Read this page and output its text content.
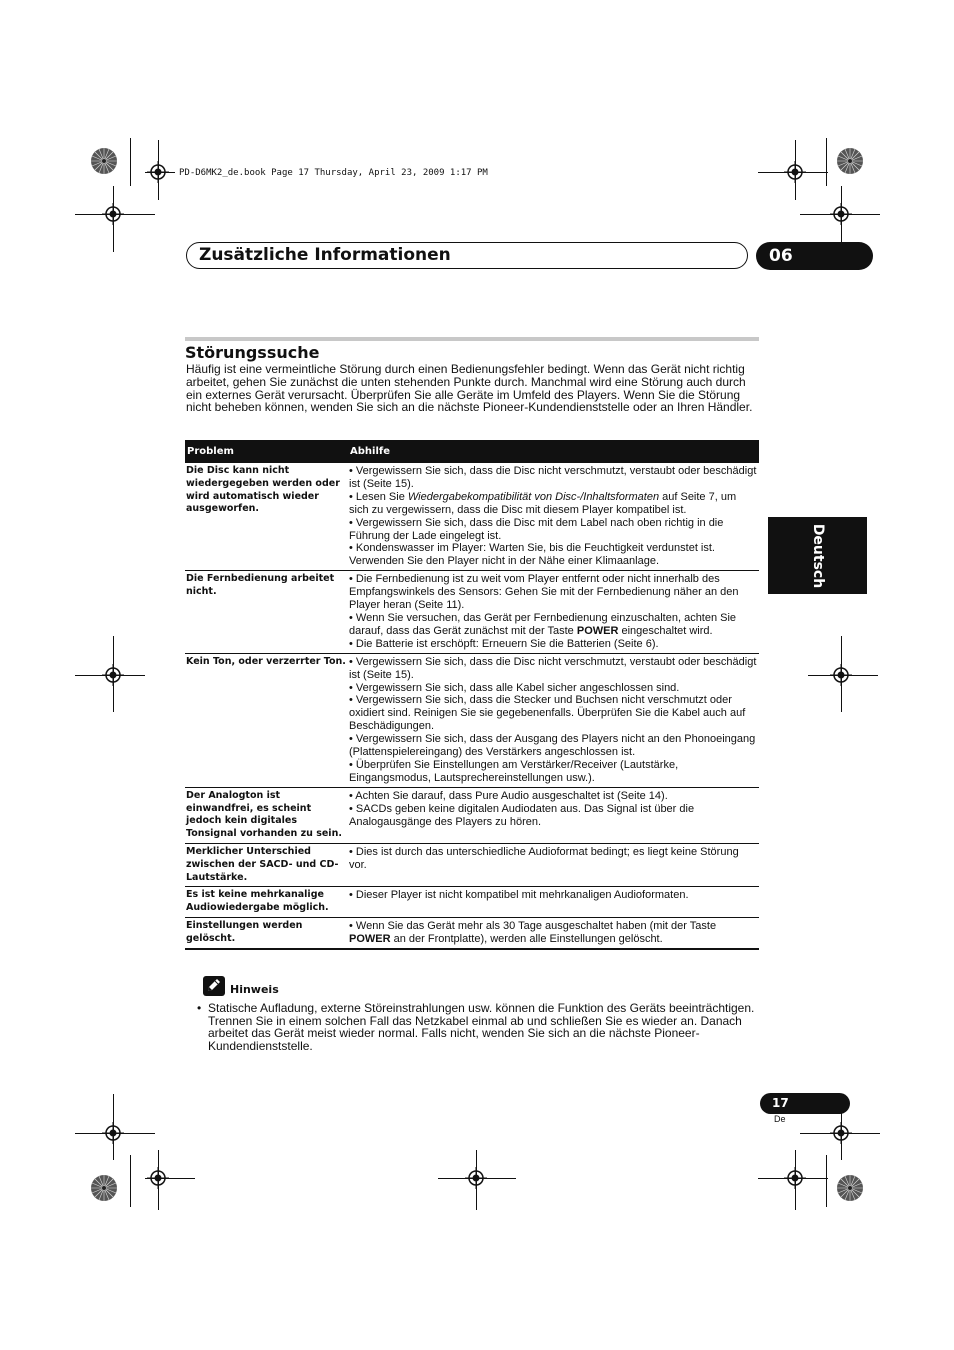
PD-D6MK2_de.book Page 17 Thursday, April 23, 2009 1:17 PM
Zusätzliche Informationen	06
Deutsch
Störungssuche

Häufig ist eine vermeintliche Störung durch einen Bedienungsfehler bedingt. Wenn das Gerät nicht richtig arbeitet, gehen Sie zunächst die unten stehenden Punkte durch. Manchmal wird eine Störung auch durch ein externes Gerät verursacht. Überprüfen Sie alle Geräte im Umfeld des Players. Wenn Sie die Störung nicht beheben können, wenden Sie sich an die nächste Pioneer-Kundendienststelle oder an Ihren Händler.

Problem	Abhilfe
Die Disc kann nicht wiedergegeben werden oder wird automatisch wieder ausgeworfen.	• Vergewissern Sie sich, dass die Disc nicht verschmutzt, verstaubt oder beschädigt ist (Seite 15).
• Lesen Sie Wiedergabekompatibilität von Disc-/Inhaltsformaten auf Seite 7, um sich zu vergewissern, dass die Disc mit diesem Player kompatibel ist.
• Vergewissern Sie sich, dass die Disc mit dem Label nach oben richtig in die Führung der Lade eingelegt ist.
• Kondenswasser im Player: Warten Sie, bis die Feuchtigkeit verdunstet ist. Verwenden Sie den Player nicht in der Nähe einer Klimaanlage.

Die Fernbedienung arbeitet nicht.	• Die Fernbedienung ist zu weit vom Player entfernt oder nicht innerhalb des Empfangswinkels des Sensors: Gehen Sie mit der Fernbedienung näher an den Player heran (Seite 11).
• Wenn Sie versuchen, das Gerät per Fernbedienung einzuschalten, achten Sie darauf, dass das Gerät zunächst mit der Taste POWER eingeschaltet wird.
• Die Batterie ist erschöpft: Erneuern Sie die Batterien (Seite 6).

Kein Ton, oder verzerrter Ton.	• Vergewissern Sie sich, dass die Disc nicht verschmutzt, verstaubt oder beschädigt ist (Seite 15).
• Vergewissern Sie sich, dass alle Kabel sicher angeschlossen sind.
• Vergewissern Sie sich, dass die Stecker und Buchsen nicht verschmutzt oder oxidiert sind. Reinigen Sie sie gegebenenfalls. Überprüfen Sie die Kabel auch auf Beschädigungen.
• Vergewissern Sie sich, dass der Ausgang des Players nicht an den Phonoeingang (Plattenspielereingang) des Verstärkers angeschlossen ist.
• Überprüfen Sie Einstellungen am Verstärker/Receiver (Lautstärke, Eingangsmodus, Lautsprechereinstellungen usw.).

Der Analogton ist einwandfrei, es scheint jedoch kein digitales Tonsignal vorhanden zu sein.	• Achten Sie darauf, dass Pure Audio ausgeschaltet ist (Seite 14).
• SACDs geben keine digitalen Audiodaten aus. Das Signal ist über die Analogausgänge des Players zu hören.

Merklicher Unterschied zwischen der SACD- und CD-Lautstärke.	• Dies ist durch das unterschiedliche Audioformat bedingt; es liegt keine Störung vor.

Es ist keine mehrkanalige Audiowiedergabe möglich.	• Dieser Player ist nicht kompatibel mit mehrkanaligen Audioformaten.

Einstellungen werden gelöscht.	• Wenn Sie das Gerät mehr als 30 Tage ausgeschaltet haben (mit der Taste POWER an der Frontplatte), werden alle Einstellungen gelöscht.
Hinweis
• Statische Aufladung, externe Störeinstrahlungen usw. können die Funktion des Geräts beeinträchtigen. Trennen Sie in einem solchen Fall das Netzkabel einmal ab und schließen Sie es wieder an. Danach arbeitet das Gerät meist wieder normal. Falls nicht, wenden Sie sich an die nächste Pioneer-Kundendienststelle.
17
De
